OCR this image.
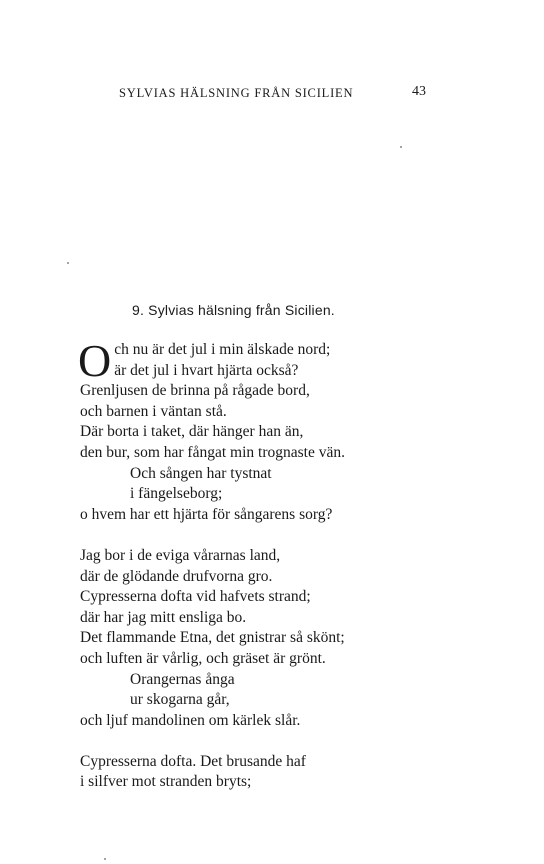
SYLVIAS HÄLSNING FRÅN SICILIEN	43
9. Sylvias hälsning från Sicilien.
O ch nu är det jul i min älskade nord;
är det jul i hvart hjärta också?
Grenljusen de brinna på rågade bord,
och barnen i väntan stå.
Där borta i taket, där hänger han än,
den bur, som har fångat min trognaste vän.
Och sången har tystnat
i fängelseborg;
o hvem har ett hjärta för sångarens sorg?
Jag bor i de eviga vårarnas land,
där de glödande drufvorna gro.
Cypresserna dofta vid hafvets strand;
där har jag mitt ensliga bo.
Det flammande Etna, det gnistrar så skönt;
och luften är vårlig, och gräset är grönt.
Orangernas ånga
ur skogarna går,
och ljuf mandolinen om kärlek slår.
Cypresserna dofta. Det brusande haf
i silfver mot stranden bryts;
